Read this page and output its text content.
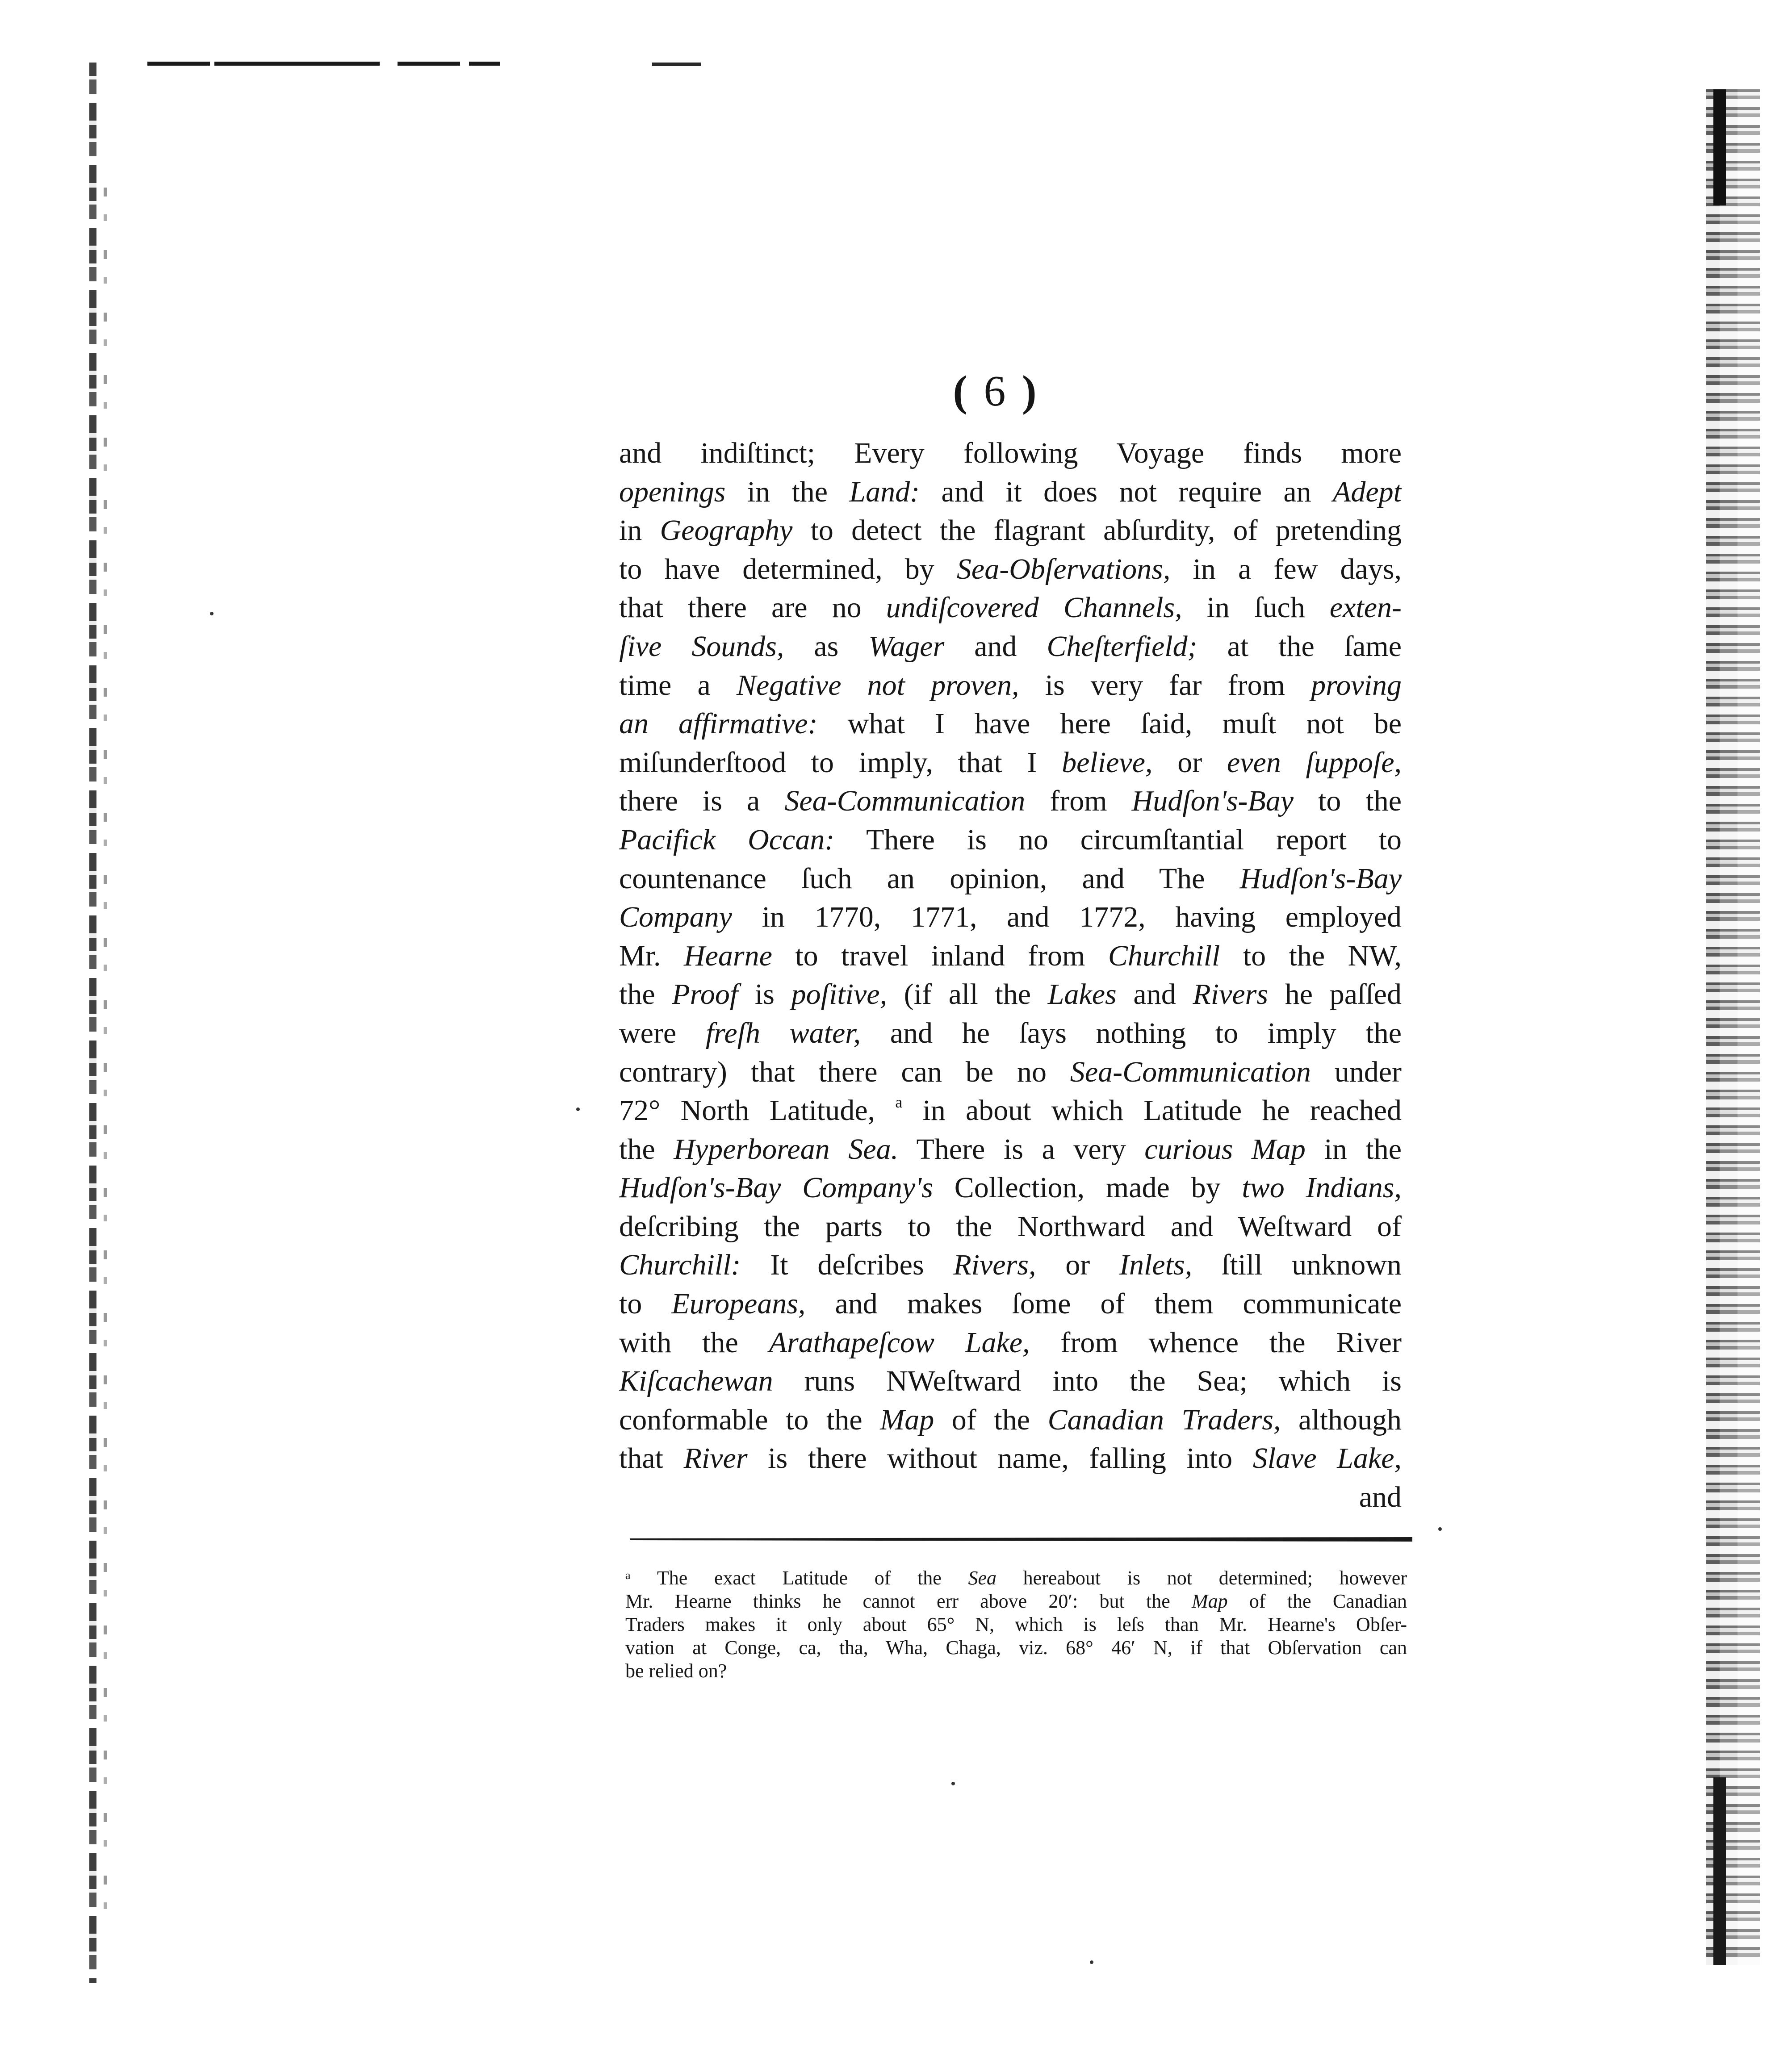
( 6 )
and indiſtinct; Every following Voyage finds more
openings in the Land: and it does not require an Adept
in Geography to detect the flagrant abſurdity, of pretending
to have determined, by Sea-Obſervations, in a few days,
that there are no undiſcovered Channels, in ſuch exten-
ſive Sounds, as Wager and Cheſterfield; at the ſame
time a Negative not proven, is very far from proving
an affirmative: what I have here ſaid, muſt not be
miſunderſtood to imply, that I believe, or even ſuppoſe,
there is a Sea-Communication from Hudſon's-Bay to the
Pacifick Occan: There is no circumſtantial report to
countenance ſuch an opinion, and The Hudſon's-Bay
Company in 1770, 1771, and 1772, having employed
Mr. Hearne to travel inland from Churchill to the NW,
the Proof is poſitive, (if all the Lakes and Rivers he paſſed
were freſh water, and he ſays nothing to imply the
contrary) that there can be no Sea-Communication under
72° North Latitude, $^a$ in about which Latitude he reached
the Hyperborean Sea. There is a very curious Map in the
Hudſon's-Bay Company's Collection, made by two Indians,
deſcribing the parts to the Northward and Weſtward of
Churchill: It deſcribes Rivers, or Inlets, ſtill unknown
to Europeans, and makes ſome of them communicate
with the Arathapeſcow Lake, from whence the River
Kiſcachewan runs NWeſtward into the Sea; which is
conformable to the Map of the Canadian Traders, although
that River is there without name, falling into Slave Lake,
and
ᵃ The exact Latitude of the Sea hereabout is not determined; however
Mr. Hearne thinks he cannot err above 20′: but the Map of the Canadian
Traders makes it only about 65° N, which is leſs than Mr. Hearne's Obſer-
vation at Conge, ca, tha, Wha, Chaga, viz. 68° 46′ N, if that Obſervation can
be relied on?
